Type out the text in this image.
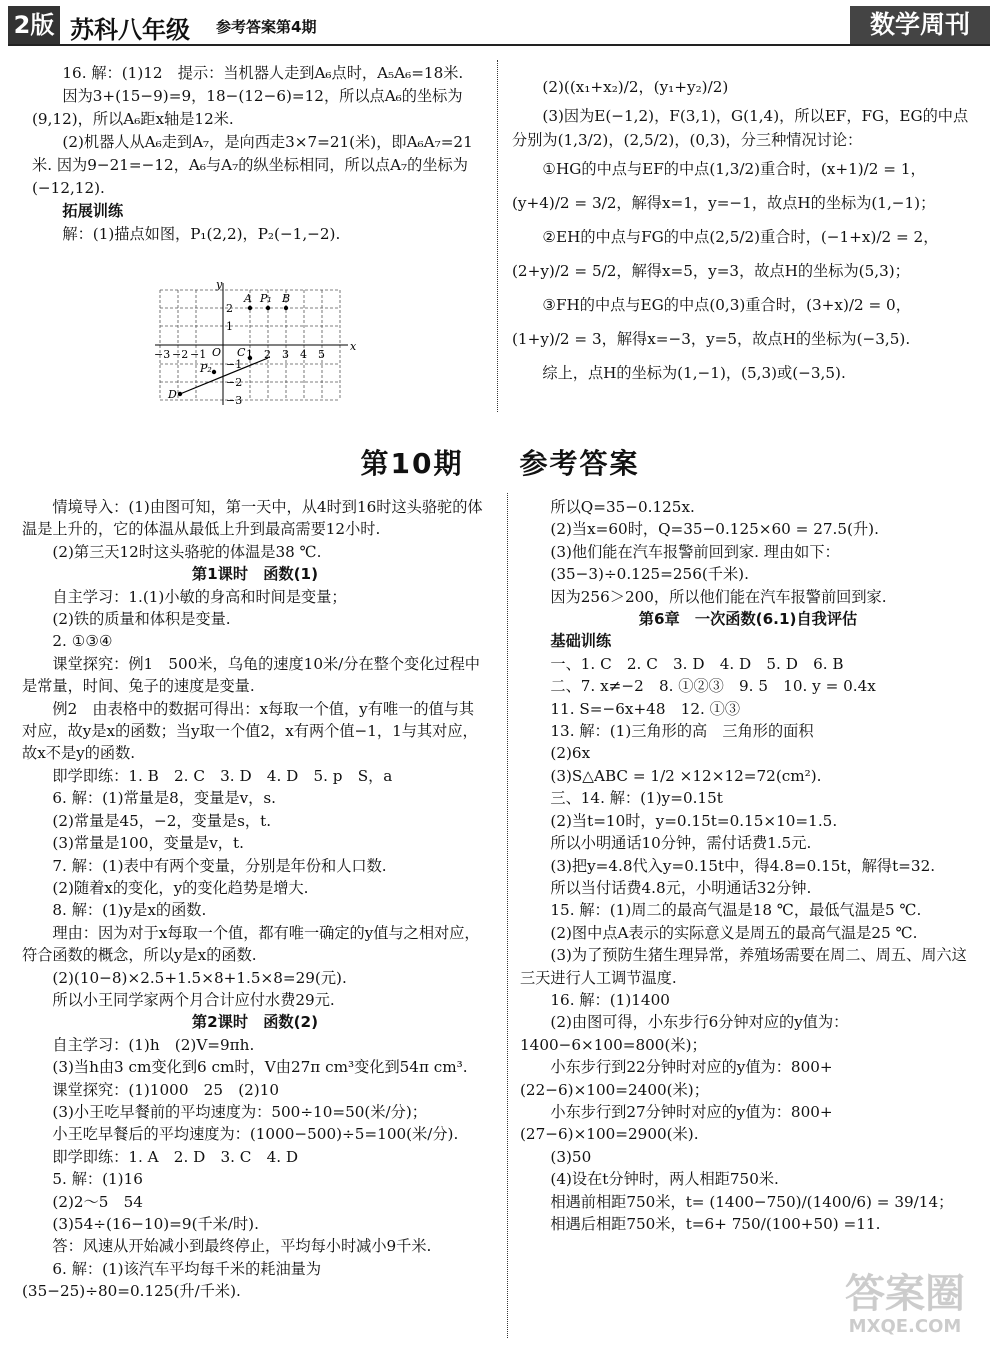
2版 苏科八年级 参考答案第4期	数学周刊

16. 解：(1)12　提示：当机器人走到A₆点时，A₅A₆=18米.

因为3+(15−9)=9，18−(12−6)=12，所以点A₆的坐标为(9,12)，所以A₆距x轴是12米.

(2)机器人从A₆走到A₇，是向西走3×7=21(米)，即A₆A₇=21米. 因为9−21=−12，A₆与A₇的纵坐标相同，所以点A₇的坐标为(−12,12).

拓展训练

解：(1)描点如图，P₁(2,2)，P₂(−1,−2).

y
x
O
A P₁ B
C
P₂
D
−3 −2 −1	1 2 3 4 5
2
1
−1
−2
−3

(2)((x₁+x₂)/2，(y₁+y₂)/2)

(3)因为E(−1,2)，F(3,1)，G(1,4)，所以EF，FG，EG的中点分别为(1,3/2)，(2,5/2)，(0,3)，分三种情况讨论：

①HG的中点与EF的中点(1,3/2)重合时，(x+1)/2 = 1，

(y+4)/2 = 3/2，解得x=1，y=−1，故点H的坐标为(1,−1)；

②EH的中点与FG的中点(2,5/2)重合时，(−1+x)/2 = 2，

(2+y)/2 = 5/2，解得x=5，y=3，故点H的坐标为(5,3)；

③FH的中点与EG的中点(0,3)重合时，(3+x)/2 = 0，

(1+y)/2 = 3，解得x=−3，y=5，故点H的坐标为(−3,5).

综上，点H的坐标为(1,−1)，(5,3)或(−3,5).

第10期 参考答案

情境导入：(1)由图可知，第一天中，从4时到16时这头骆驼的体温是上升的，它的体温从最低上升到最高需要12小时.

(2)第三天12时这头骆驼的体温是38 ℃.

第1课时　函数(1)

自主学习：1.(1)小敏的身高和时间是变量；

(2)铁的质量和体积是变量.

2. ①③④

课堂探究：例1　500米，乌龟的速度10米/分在整个变化过程中是常量，时间、兔子的速度是变量.

例2　由表格中的数据可得出：x每取一个值，y有唯一的值与其对应，故y是x的函数；当y取一个值2，x有两个值−1，1与其对应，故x不是y的函数.

即学即练：1. B　2. C　3. D　4. D　5. p　S，a

6. 解：(1)常量是8，变量是v，s.

(2)常量是45，−2，变量是s，t.

(3)常量是100，变量是v，t.

7. 解：(1)表中有两个变量，分别是年份和人口数.

(2)随着x的变化，y的变化趋势是增大.

8. 解：(1)y是x的函数.

理由：因为对于x每取一个值，都有唯一确定的y值与之相对应，符合函数的概念，所以y是x的函数.

(2)(10−8)×2.5+1.5×8+1.5×8=29(元).

所以小王同学家两个月合计应付水费29元.

第2课时　函数(2)

自主学习：(1)h　(2)V=9πh.

(3)当h由3 cm变化到6 cm时，V由27π cm³变化到54π cm³.

课堂探究：(1)1000　25　(2)10

(3)小王吃早餐前的平均速度为：500÷10=50(米/分)；

小王吃早餐后的平均速度为：(1000−500)÷5=100(米/分).

即学即练：1. A　2. D　3. C　4. D

5. 解：(1)16

(2)2～5　54

(3)54÷(16−10)=9(千米/时).

答：风速从开始减小到最终停止，平均每小时减小9千米.

6. 解：(1)该汽车平均每千米的耗油量为(35−25)÷80=0.125(升/千米).

所以Q=35−0.125x.

(2)当x=60时，Q=35−0.125×60 = 27.5(升).

(3)他们能在汽车报警前回到家. 理由如下：

(35−3)÷0.125=256(千米).

因为256＞200，所以他们能在汽车报警前回到家.

第6章　一次函数(6.1)自我评估

基础训练

一、1. C　2. C　3. D　4. D　5. D　6. B

二、7. x≠−2　8. ①②③　9. 5　10. y = 0.4x

11. S=−6x+48　12. ①③

13. 解：(1)三角形的高　三角形的面积

(2)6x

(3)S△ABC = 1/2 ×12×12=72(cm²).

三、14. 解：(1)y=0.15t

(2)当t=10时，y=0.15t=0.15×10=1.5.

所以小明通话10分钟，需付话费1.5元.

(3)把y=4.8代入y=0.15t中，得4.8=0.15t，解得t=32.

所以当付话费4.8元，小明通话32分钟.

15. 解：(1)周二的最高气温是18 ℃，最低气温是5 ℃.

(2)图中点A表示的实际意义是周五的最高气温是25 ℃.

(3)为了预防生猪生理异常，养殖场需要在周二、周五、周六这三天进行人工调节温度.

16. 解：(1)1400

(2)由图可得，小东步行6分钟对应的y值为：1400−6×100=800(米)；

小东步行到22分钟时对应的y值为：800+(22−6)×100=2400(米)；

小东步行到27分钟时对应的y值为：800+(27−6)×100=2900(米).

(3)50

(4)设在t分钟时，两人相距750米.

相遇前相距750米，t= (1400−750)/(1400/6) = 39/14；

相遇后相距750米，t=6+ 750/(100+50) =11.

答案圈
MXQE.COM
